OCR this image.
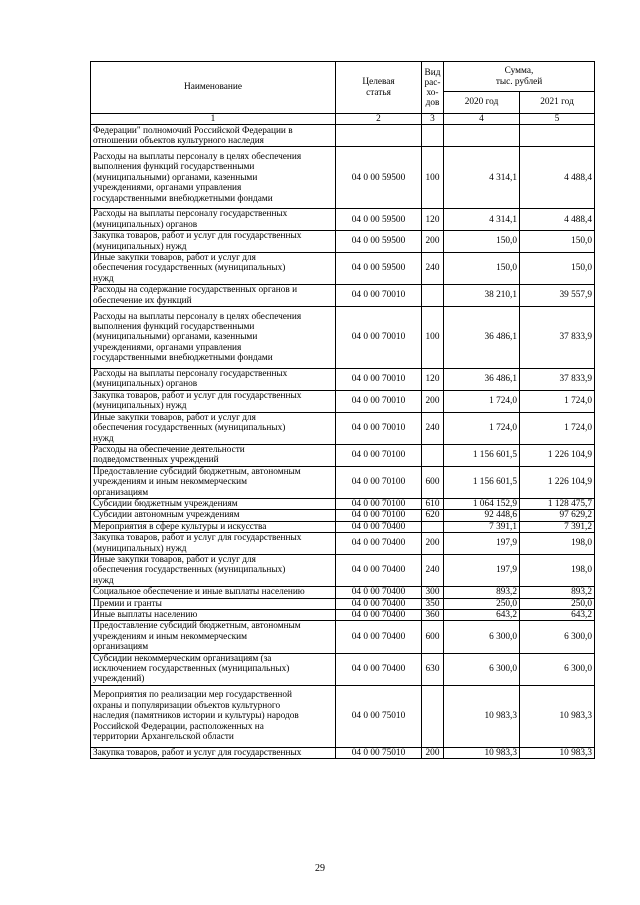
Наименование	Целевая
статья	Вид
рас-
хо-
дов	Сумма,
тыс. рублей	
			2020 год	2021 год
1	2	3	4	5
Федерации" полномочий Российской Федерации в
отношении объектов культурного наследия				
Расходы на выплаты персоналу в целях обеспечения
выполнения функций государственными
(муниципальными) органами, казенными
учреждениями, органами управления
государственными внебюджетными фондами	04 0 00 59500	100	4 314,1	4 488,4
Расходы на выплаты персоналу государственных
(муниципальных) органов	04 0 00 59500	120	4 314,1	4 488,4
Закупка товаров, работ и услуг для государственных
(муниципальных) нужд	04 0 00 59500	200	150,0	150,0
Иные закупки товаров, работ и услуг для
обеспечения государственных (муниципальных)
нужд	04 0 00 59500	240	150,0	150,0
Расходы на содержание государственных органов и
обеспечение их функций	04 0 00 70010		38 210,1	39 557,9
Расходы на выплаты персоналу в целях обеспечения
выполнения функций государственными
(муниципальными) органами, казенными
учреждениями, органами управления
государственными внебюджетными фондами	04 0 00 70010	100	36 486,1	37 833,9
Расходы на выплаты персоналу государственных
(муниципальных) органов	04 0 00 70010	120	36 486,1	37 833,9
Закупка товаров, работ и услуг для государственных
(муниципальных) нужд	04 0 00 70010	200	1 724,0	1 724,0
Иные закупки товаров, работ и услуг для
обеспечения государственных (муниципальных)
нужд	04 0 00 70010	240	1 724,0	1 724,0
Расходы на обеспечение деятельности
подведомственных учреждений	04 0 00 70100		1 156 601,5	1 226 104,9
Предоставление субсидий бюджетным, автономным
учреждениям и иным некоммерческим
организациям	04 0 00 70100	600	1 156 601,5	1 226 104,9
Субсидии бюджетным учреждениям	04 0 00 70100	610	1 064 152,9	1 128 475,7
Субсидии автономным учреждениям	04 0 00 70100	620	92 448,6	97 629,2
Мероприятия в сфере культуры и искусства	04 0 00 70400		7 391,1	7 391,2
Закупка товаров, работ и услуг для государственных
(муниципальных) нужд	04 0 00 70400	200	197,9	198,0
Иные закупки товаров, работ и услуг для
обеспечения государственных (муниципальных)
нужд	04 0 00 70400	240	197,9	198,0
Социальное обеспечение и иные выплаты населению	04 0 00 70400	300	893,2	893,2
Премии и гранты	04 0 00 70400	350	250,0	250,0
Иные выплаты населению	04 0 00 70400	360	643,2	643,2
Предоставление субсидий бюджетным, автономным
учреждениям и иным некоммерческим
организациям	04 0 00 70400	600	6 300,0	6 300,0
Субсидии некоммерческим организациям (за
исключением государственных (муниципальных)
учреждений)	04 0 00 70400	630	6 300,0	6 300,0
Мероприятия по реализации мер государственной
охраны и популяризации объектов культурного
наследия (памятников истории и культуры) народов
Российской Федерации, расположенных на
территории Архангельской области	04 0 00 75010		10 983,3	10 983,3
Закупка товаров, работ и услуг для государственных	04 0 00 75010	200	10 983,3	10 983,3
29
